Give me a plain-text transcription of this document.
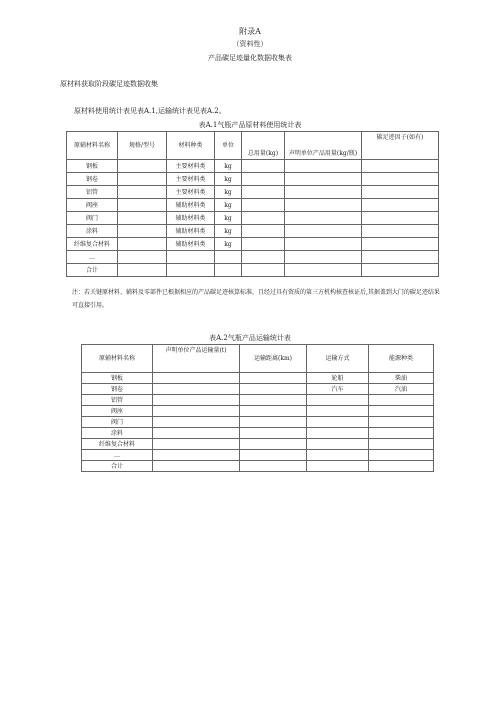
附录A
（资料性）
产品碳足迹量化数据收集表
原材料获取阶段碳足迹数据收集
原材料使用统计表见表A.1,运输统计表见表A.2。
表A.1气瓶产品原材料使用统计表
原辅材料名称	规格/型号	材料种类	单位	总用量(kg)	声明单位产品用量(kg/瓶)	碳足迹因子(如有)
钢板		主要材料类	kg			
钢卷		主要材料类	kg			
铝管		主要材料类	kg			
阀座		辅助材料类	kg			
阀门		辅助材料类	kg			
涂料		辅助材料类	kg			
纤维复合材料		辅助材料类	kg			
…						
合计						
注：若关键原材料、辅料及零部件已根据相应的产品碳足迹核算标准，且经过具有资质的第三方机构核查核证后,其据盖到大门的碳足迹结果可直接引用。
表A.2气瓶产品运输统计表
原辅材料名称	声明单位产品运输量(t)	运输距离(km)	运输方式	能源种类
钢板			轮船	柴油
钢卷			汽车	汽油
铝管				
阀座				
阀门				
涂料				
纤维复合材料				
…				
合计				
